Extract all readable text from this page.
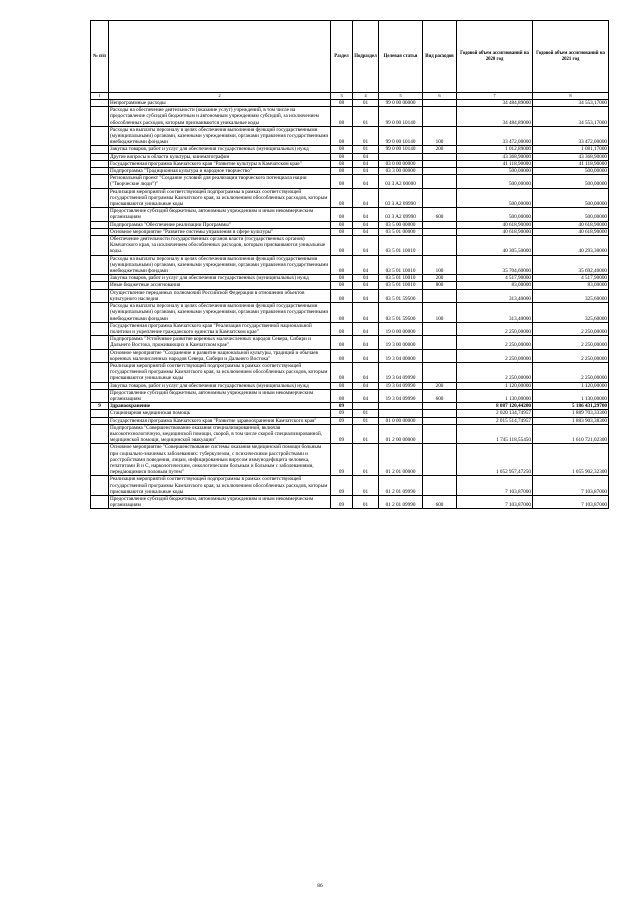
№ п/п		Раздел	Подраздел	Целевая статья	Вид расходов	Годовой объем ассигнований на 2020 год	Годовой объем ассигнований на 2021 год
1	2	3	4	5	6	7	8
	Непрограммные расходы	08	01	99 0 00 00000		34 484,89000	34 553,17000
	Расходы на обеспечение деятельности (оказание услуг) учреждений, в том числе на предоставление субсидий бюджетным и автономным учреждениям субсидий, за исключением обособленных расходов, которым присваиваются уникальные коды	08	01	99 0 00 10140		34 484,89000	34 553,17000
	Расходы на выплаты персоналу в целях обеспечения выполнения функций государственными (муниципальными) органами, казенными учреждениями, органами управления государственными внебюджетными фондами	08	01	99 0 00 10140	100	33 472,00000	33 472,00000
	Закупка товаров, работ и услуг для обеспечения государственных (муниципальных) нужд	08	01	99 0 00 10140	200	1 012,89000	1 081,17000
	Другие вопросы в области культуры, кинематографии	08	04			43 368,90000	43 368,90000
	Государственная программа Камчатского края "Развитие культуры в Камчатском крае"	08	04	03 0 00 00000		41 118,90000	41 118,90000
	Подпрограмма "Традиционная культура и народное творчество"	08	04	03 3 00 00000		500,00000	500,00000
	Региональный проект "Создание условий для реализации творческого потенциала нации ("Творческие люди")"	08	04	03 3 A2 00000		500,00000	500,00000
	Реализация мероприятий соответствующей подпрограммы в рамках соответствующей государственной программы Камчатского края, за исключением обособленных расходов, которым присваиваются уникальные коды	08	04	03 3 A2 09990		500,00000	500,00000
	Предоставление субсидий бюджетным, автономным учреждениям и иным некоммерческим организациям	08	04	03 3 A2 09990	600	500,00000	500,00000
	Подпрограмма "Обеспечение реализации Программы"	08	04	03 5 00 00000		40 618,90000	40 618,90000
	Основное мероприятие "Развитие системы управления в сфере культуры"	08	04	03 5 01 00000		40 618,90000	40 618,90000
	Обеспечение деятельности государственных органов власти (государственных органов) Камчатского края, за исключением обособленных расходов, которым присваиваются уникальные коды.	08	04	03 5 01 10010		40 305,50000	40 293,30000
	Расходы на выплаты персоналу в целях обеспечения выполнения функций государственными (муниципальными) органами, казенными учреждениями, органами управления государственными внебюджетными фондами	08	04	03 5 01 10010	100	35 704,60000	35 692,40000
	Закупка товаров, работ и услуг для обеспечения государственных (муниципальных) нужд	08	04	03 5 01 10010	200	4 517,90000	4 517,90000
	Иные бюджетные ассигнования	08	04	03 5 01 10010	800	83,00000	83,00000
	Осуществление переданных полномочий Российской Федерации в отношении объектов культурного наследия	08	04	03 5 01 59500		313,40000	325,60000
	Расходы на выплаты персоналу в целях обеспечения выполнения функций государственными (муниципальными) органами, казенными учреждениями, органами управления государственными внебюджетными фондами	08	04	03 5 01 59500	100	313,40000	325,60000
	Государственная программа Камчатского края "Реализация государственной национальной политики и укрепление гражданского единства в Камчатском крае"	08	04	19 0 00 00000		2 250,00000	2 250,00000
	Подпрограмма "Устойчивое развитие коренных малочисленных народов Севера, Сибири и Дальнего Востока, проживающих в Камчатском крае"	08	04	19 3 00 00000		2 250,00000	2 250,00000
	Основное мероприятие "Сохранение и развитие национальной культуры, традиций и обычаев коренных малочисленных народов Севера, Сибири и Дальнего Востока"	08	04	19 3 04 00000		2 250,00000	2 250,00000
	Реализация мероприятий соответствующей подпрограммы в рамках соответствующей государственной программы Камчатского края, за исключением обособленных расходов, которым присваиваются уникальные коды	08	04	19 3 04 09990		2 250,00000	2 250,00000
	Закупка товаров, работ и услуг для обеспечения государственных (муниципальных) нужд	08	04	19 3 04 09990	200	1 120,00000	1 120,00000
	Предоставление субсидий бюджетным, автономным учреждениям и иным некоммерческим организациям	08	04	19 3 04 09990	600	1 130,00000	1 130,00000
9	Здравоохранение	09				8 087 120,44200	5 186 431,29700
	Стационарная медицинская помощь	09	01			2 020 134,74957	1 889 703,33300
	Государственная программа Камчатского края "Развитие здравоохранения Камчатского края"	09	01	01 0 00 00000		2 015 514,74957	1 883 903,38300
	Подпрограмма "Совершенствование оказания специализированной, включая высокотехнологичную, медицинской помощи, скорой, в том числе скорой специализированной, медицинской помощи, медицинской эвакуации"	09	01	01 2 00 00000		1 745 118,55450	1 610 721,02300
	Основное мероприятие "Совершенствование системы оказания медицинской помощи больным при социально-значимых заболеваниях: туберкулезом, с психическими расстройствами и расстройствами поведения, лицам, инфицированным вирусом иммунодефицита человека, гепатитами В и С, наркологическим, онкологическим больным и больным с заболеваниями, передающимися половым путем"	09	01	01 2 01 00000		1 052 957,47250	1 055 902,32300
	Реализация мероприятий соответствующей подпрограммы в рамках соответствующей государственной программы Камчатского края, за исключением обособленных расходов, которым присваиваются уникальные коды	09	01	01 2 01 09990		7 103,87000	7 103,87000
	Предоставление субсидий бюджетным, автономным учреждениям и иным некоммерческим организациям	09	01	01 2 01 09990	600	7 103,87000	7 103,87000
86
